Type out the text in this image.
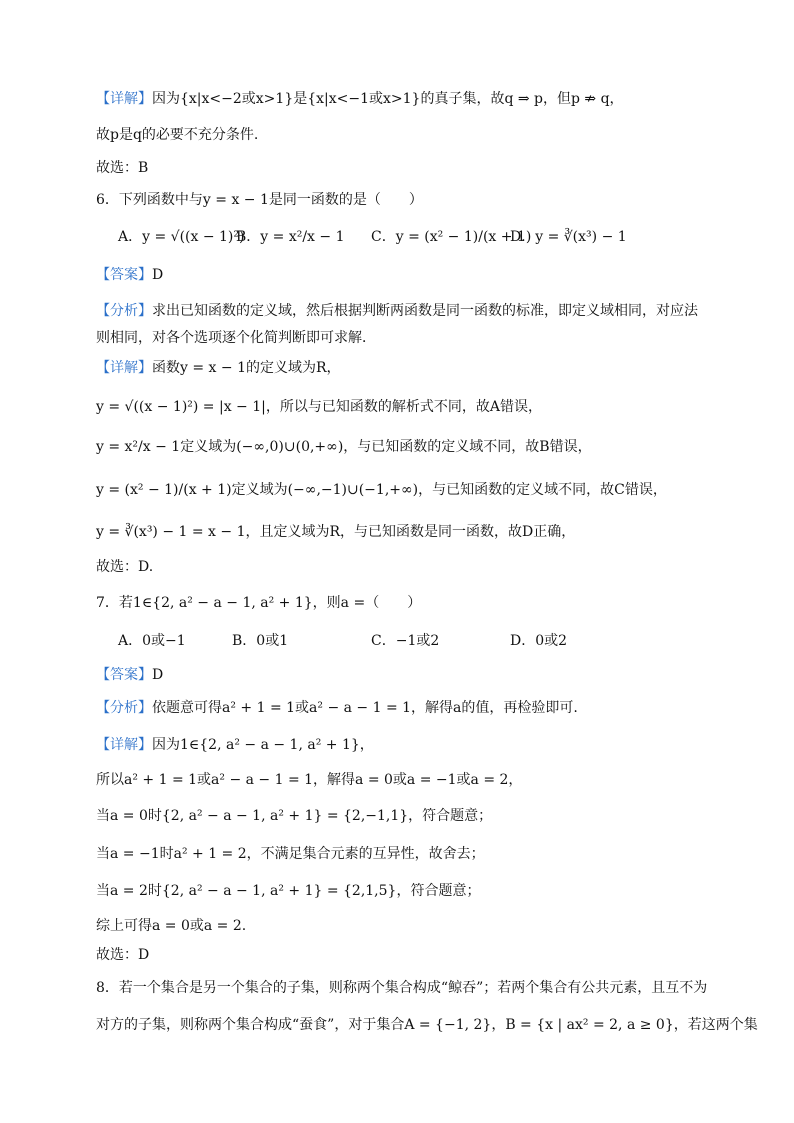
【详解】因为{x|x<−2或x>1}是{x|x<−1或x>1}的真子集，故q ⇒ p，但p ⇏ q，
故p是q的必要不充分条件.
故选：B
6．下列函数中与y = x − 1是同一函数的是（　　）
A．y = √((x − 1)²)
B．y = x²/x − 1 C．y = (x² − 1)/(x + 1)
D．y = ∛(x³) − 1
【答案】D
【分析】求出已知函数的定义域，然后根据判断两函数是同一函数的标准，即定义域相同，对应法
则相同，对各个选项逐个化简判断即可求解．
【详解】函数y = x − 1的定义域为R，
y = √((x − 1)²) = |x − 1|，所以与已知函数的解析式不同，故A错误，
y = x²/x − 1定义域为(−∞,0)∪(0,+∞)，与已知函数的定义域不同，故B错误，
y = (x² − 1)/(x + 1)定义域为(−∞,−1)∪(−1,+∞)，与已知函数的定义域不同，故C错误，
y = ∛(x³) − 1 = x − 1，且定义域为R，与已知函数是同一函数，故D正确，
故选：D.
7．若1∈{2, a² − a − 1, a² + 1}，则a =（　　）
A．0或−1	B．0或1	C．−1或2	D．0或2
【答案】D
【分析】依题意可得a² + 1 = 1或a² − a − 1 = 1，解得a的值，再检验即可.
【详解】因为1∈{2, a² − a − 1, a² + 1}，
所以a² + 1 = 1或a² − a − 1 = 1，解得a = 0或a = −1或a = 2，
当a = 0时{2, a² − a − 1, a² + 1} = {2,−1,1}，符合题意；
当a = −1时a² + 1 = 2，不满足集合元素的互异性，故舍去；
当a = 2时{2, a² − a − 1, a² + 1} = {2,1,5}，符合题意；
综上可得a = 0或a = 2.
故选：D
8．若一个集合是另一个集合的子集，则称两个集合构成“鲸吞”；若两个集合有公共元素，且互不为
对方的子集，则称两个集合构成“蚕食”，对于集合A = {−1, 2}，B = {x | ax² = 2, a ≥ 0}，若这两个集
